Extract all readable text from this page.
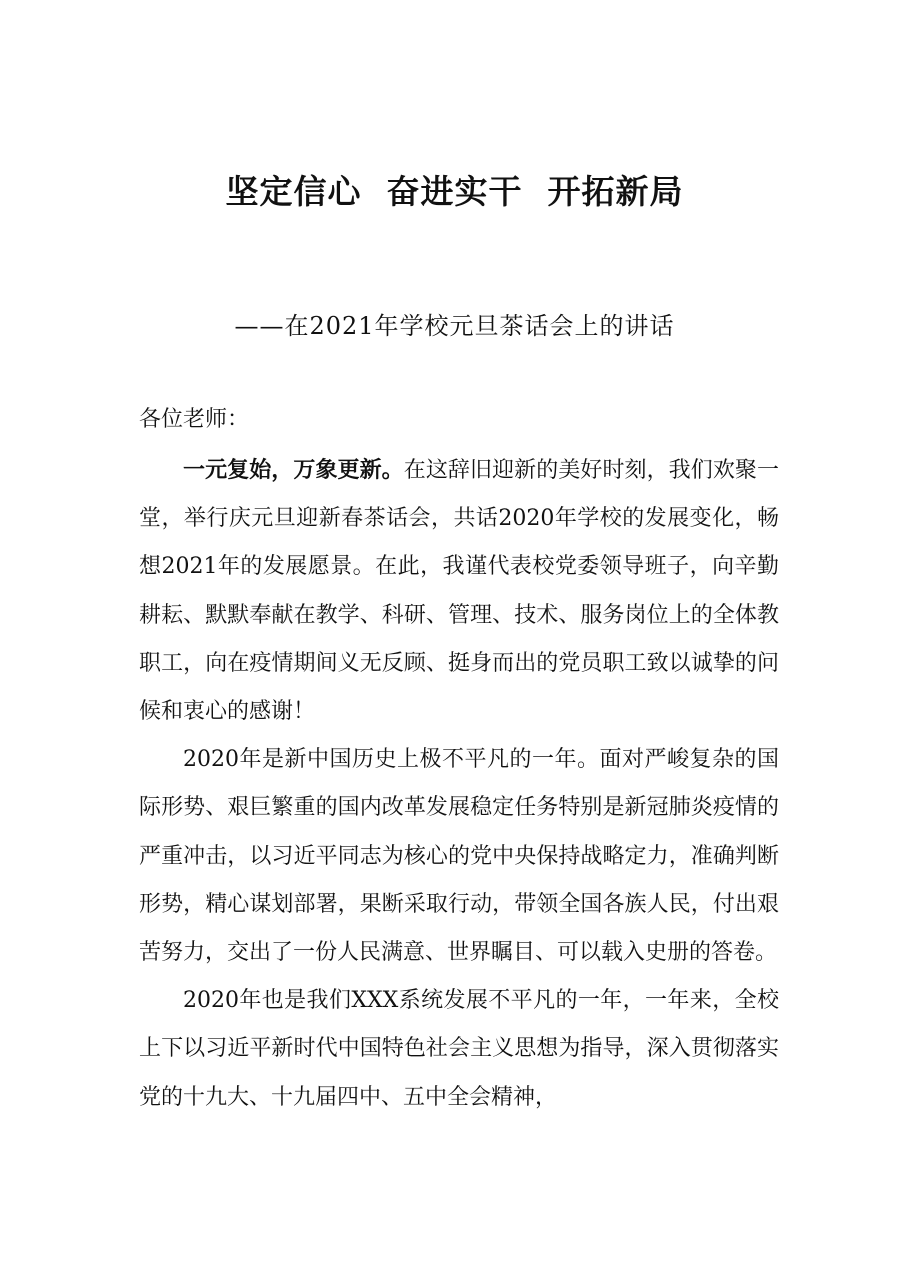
坚定信心  奋进实干  开拓新局
——在2021年学校元旦茶话会上的讲话
各位老师：

一元复始，万象更新。在这辞旧迎新的美好时刻，我们欢聚一堂，举行庆元旦迎新春茶话会，共话2020年学校的发展变化，畅想2021年的发展愿景。在此，我谨代表校党委领导班子，向辛勤耕耘、默默奉献在教学、科研、管理、技术、服务岗位上的全体教职工，向在疫情期间义无反顾、挺身而出的党员职工致以诚挚的问候和衷心的感谢！

2020年是新中国历史上极不平凡的一年。面对严峻复杂的国际形势、艰巨繁重的国内改革发展稳定任务特别是新冠肺炎疫情的严重冲击，以习近平同志为核心的党中央保持战略定力，准确判断形势，精心谋划部署，果断采取行动，带领全国各族人民，付出艰苦努力，交出了一份人民满意、世界瞩目、可以载入史册的答卷。

2020年也是我们XXX系统发展不平凡的一年，一年来，全校上下以习近平新时代中国特色社会主义思想为指导，深入贯彻落实党的十九大、十九届四中、五中全会精神，
